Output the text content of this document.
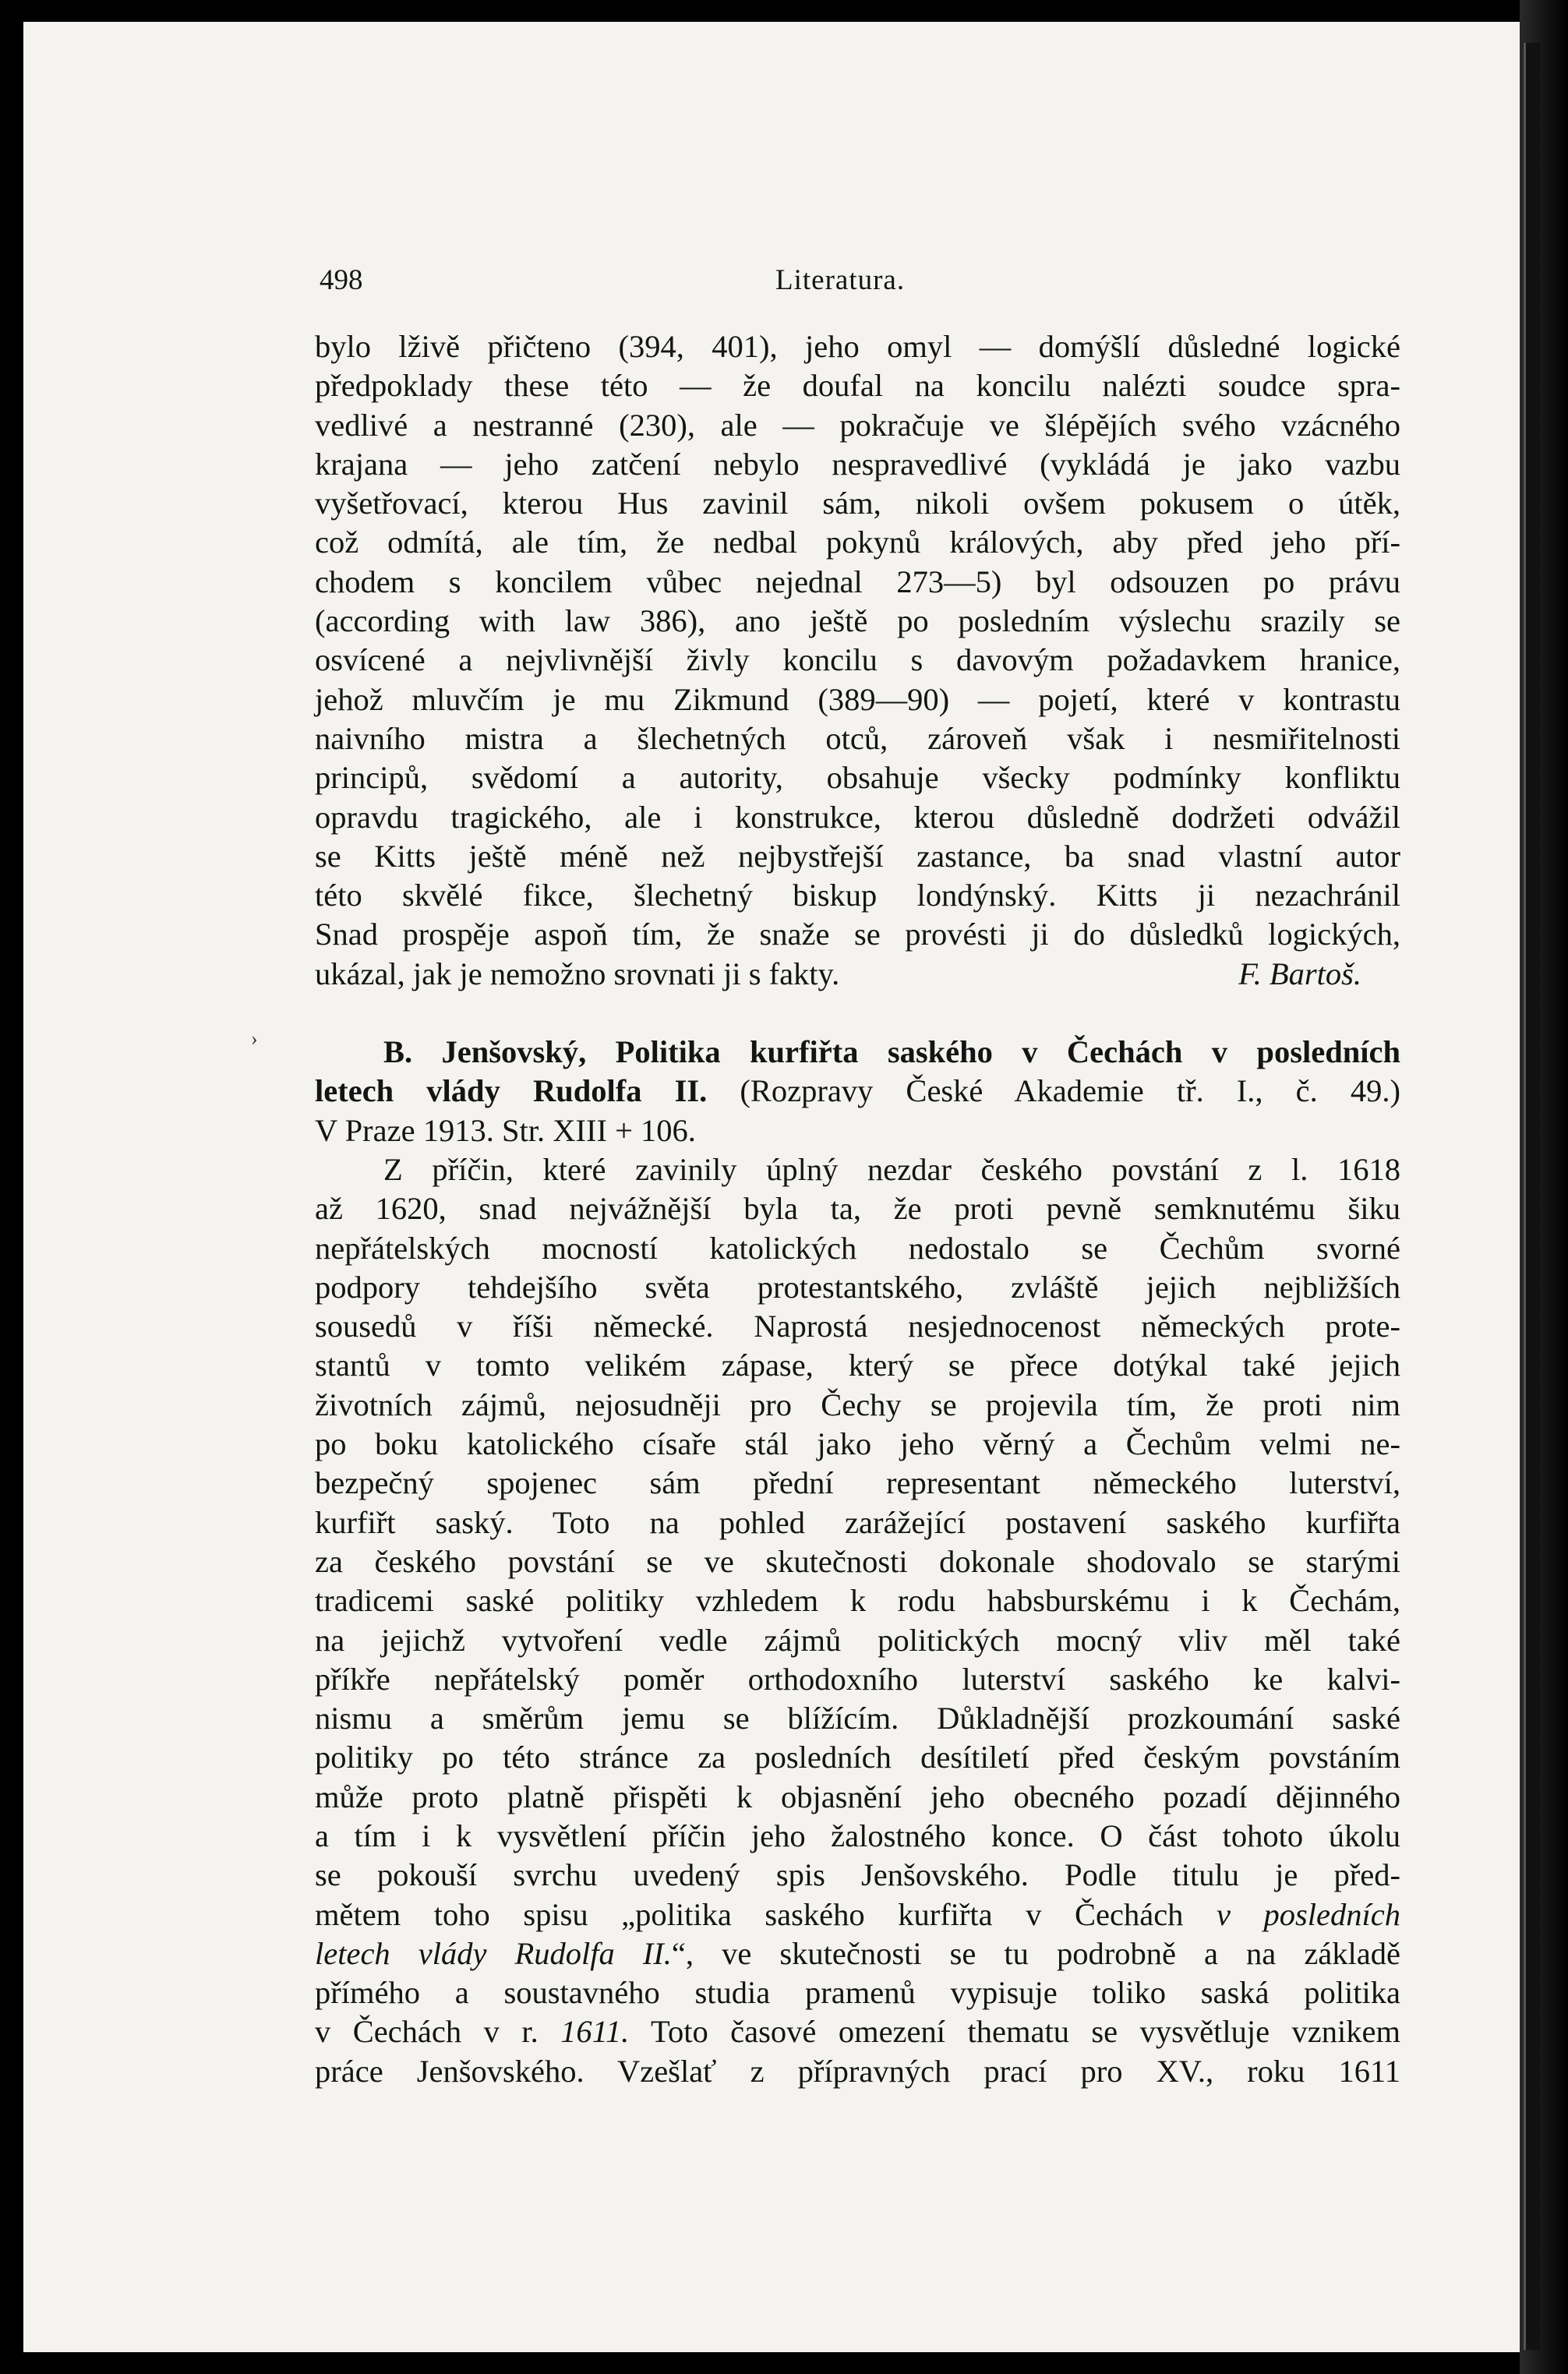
498	Literatura.
›
bylo lživě přičteno (394, 401), jeho omyl — domýšlí důsledné logické
předpoklady these této — že doufal na koncilu nalézti soudce spra-
vedlivé a nestranné (230), ale — pokračuje ve šlépějích svého vzácného
krajana — jeho zatčení nebylo nespravedlivé (vykládá je jako vazbu
vyšetřovací, kterou Hus zavinil sám, nikoli ovšem pokusem o útěk,
což odmítá, ale tím, že nedbal pokynů králových, aby před jeho pří-
chodem s koncilem vůbec nejednal 273—5) byl odsouzen po právu
(according with law 386), ano ještě po posledním výslechu srazily se
osvícené a nejvlivnější živly koncilu s davovým požadavkem hranice,
jehož mluvčím je mu Zikmund (389—90) — pojetí, které v kontrastu
naivního mistra a šlechetných otců, zároveň však i nesmiřitelnosti
principů, svědomí a autority, obsahuje všecky podmínky konfliktu
opravdu tragického, ale i konstrukce, kterou důsledně dodržeti odvážil
se Kitts ještě méně než nejbystřejší zastance, ba snad vlastní autor
této skvělé fikce, šlechetný biskup londýnský. Kitts ji nezachránil
Snad prospěje aspoň tím, že snaže se provésti ji do důsledků logických,
ukázal, jak je nemožno srovnati ji s fakty.	F. Bartoš.
B. Jenšovský, Politika kurfiřta saského v Čechách v posledních
letech vlády Rudolfa II. (Rozpravy České Akademie tř. I., č. 49.)
V Praze 1913. Str. XIII + 106.
Z příčin, které zavinily úplný nezdar českého povstání z l. 1618
až 1620, snad nejvážnější byla ta, že proti pevně semknutému šiku
nepřátelských mocností katolických nedostalo se Čechům svorné
podpory tehdejšího světa protestantského, zvláště jejich nejbližších
sousedů v říši německé. Naprostá nesjednocenost německých prote-
stantů v tomto velikém zápase, který se přece dotýkal také jejich
životních zájmů, nejosudněji pro Čechy se projevila tím, že proti nim
po boku katolického císaře stál jako jeho věrný a Čechům velmi ne-
bezpečný spojenec sám přední representant německého luterství,
kurfiřt saský. Toto na pohled zarážející postavení saského kurfiřta
za českého povstání se ve skutečnosti dokonale shodovalo se starými
tradicemi saské politiky vzhledem k rodu habsburskému i k Čechám,
na jejichž vytvoření vedle zájmů politických mocný vliv měl také
příkře nepřátelský poměr orthodoxního luterství saského ke kalvi-
nismu a směrům jemu se blížícím. Důkladnější prozkoumání saské
politiky po této stránce za posledních desítiletí před českým povstáním
může proto platně přispěti k objasnění jeho obecného pozadí dějinného
a tím i k vysvětlení příčin jeho žalostného konce. O část tohoto úkolu
se pokouší svrchu uvedený spis Jenšovského. Podle titulu je před-
mětem toho spisu „politika saského kurfiřta v Čechách v posledních
letech vlády Rudolfa II.“, ve skutečnosti se tu podrobně a na základě
přímého a soustavného studia pramenů vypisuje toliko saská politika
v Čechách v r. 1611. Toto časové omezení thematu se vysvětluje vznikem
práce Jenšovského. Vzešlať z přípravných prací pro XV., roku 1611
